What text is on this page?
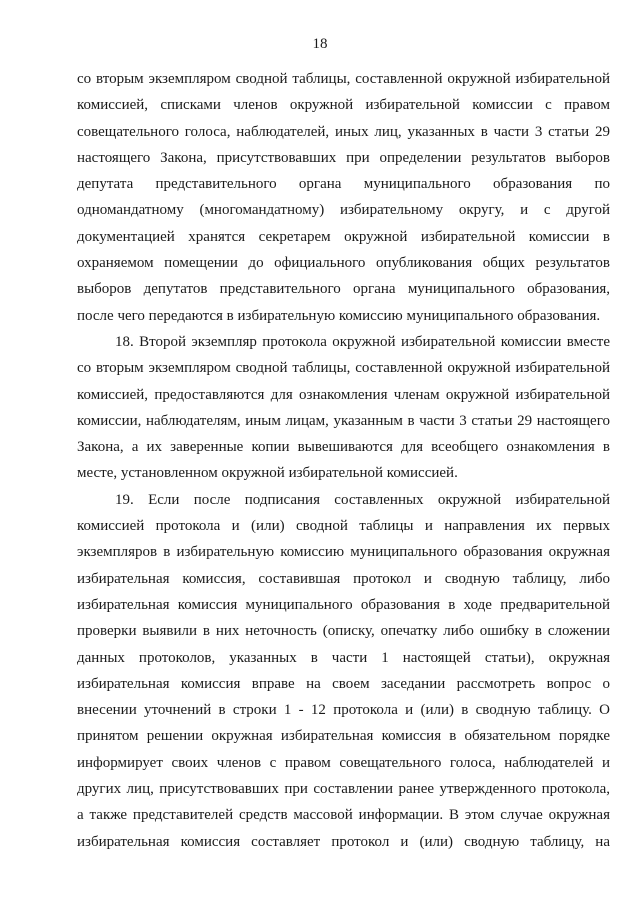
18
со вторым экземпляром сводной таблицы, составленной окружной избирательной
комиссией, списками членов окружной избирательной комиссии с правом
совещательного голоса, наблюдателей, иных лиц, указанных в части 3 статьи 29
настоящего Закона, присутствовавших при определении результатов выборов
депутата представительного органа муниципального образования по
одномандатному (многомандатному) избирательному округу, и с другой
документацией хранятся секретарем окружной избирательной комиссии в
охраняемом помещении до официального опубликования общих результатов
выборов депутатов представительного органа муниципального образования,
после чего передаются в избирательную комиссию муниципального образования.
18. Второй экземпляр протокола окружной избирательной комиссии вместе
со вторым экземпляром сводной таблицы, составленной окружной избирательной
комиссией, предоставляются для ознакомления членам окружной избирательной
комиссии, наблюдателям, иным лицам, указанным в части 3 статьи 29 настоящего
Закона, а их заверенные копии вывешиваются для всеобщего ознакомления в
месте, установленном окружной избирательной комиссией.
19. Если после подписания составленных окружной избирательной
комиссией протокола и (или) сводной таблицы и направления их первых
экземпляров в избирательную комиссию муниципального образования окружная
избирательная комиссия, составившая протокол и сводную таблицу, либо
избирательная комиссия муниципального образования в ходе предварительной
проверки выявили в них неточность (описку, опечатку либо ошибку в сложении
данных протоколов, указанных в части 1 настоящей статьи), окружная
избирательная комиссия вправе на своем заседании рассмотреть вопрос о
внесении уточнений в строки 1 - 12 протокола и (или) в сводную таблицу. О
принятом решении окружная избирательная комиссия в обязательном порядке
информирует своих членов с правом совещательного голоса, наблюдателей и
других лиц, присутствовавших при составлении ранее утвержденного протокола,
а также представителей средств массовой информации. В этом случае окружная
избирательная комиссия составляет протокол и (или) сводную таблицу, на
